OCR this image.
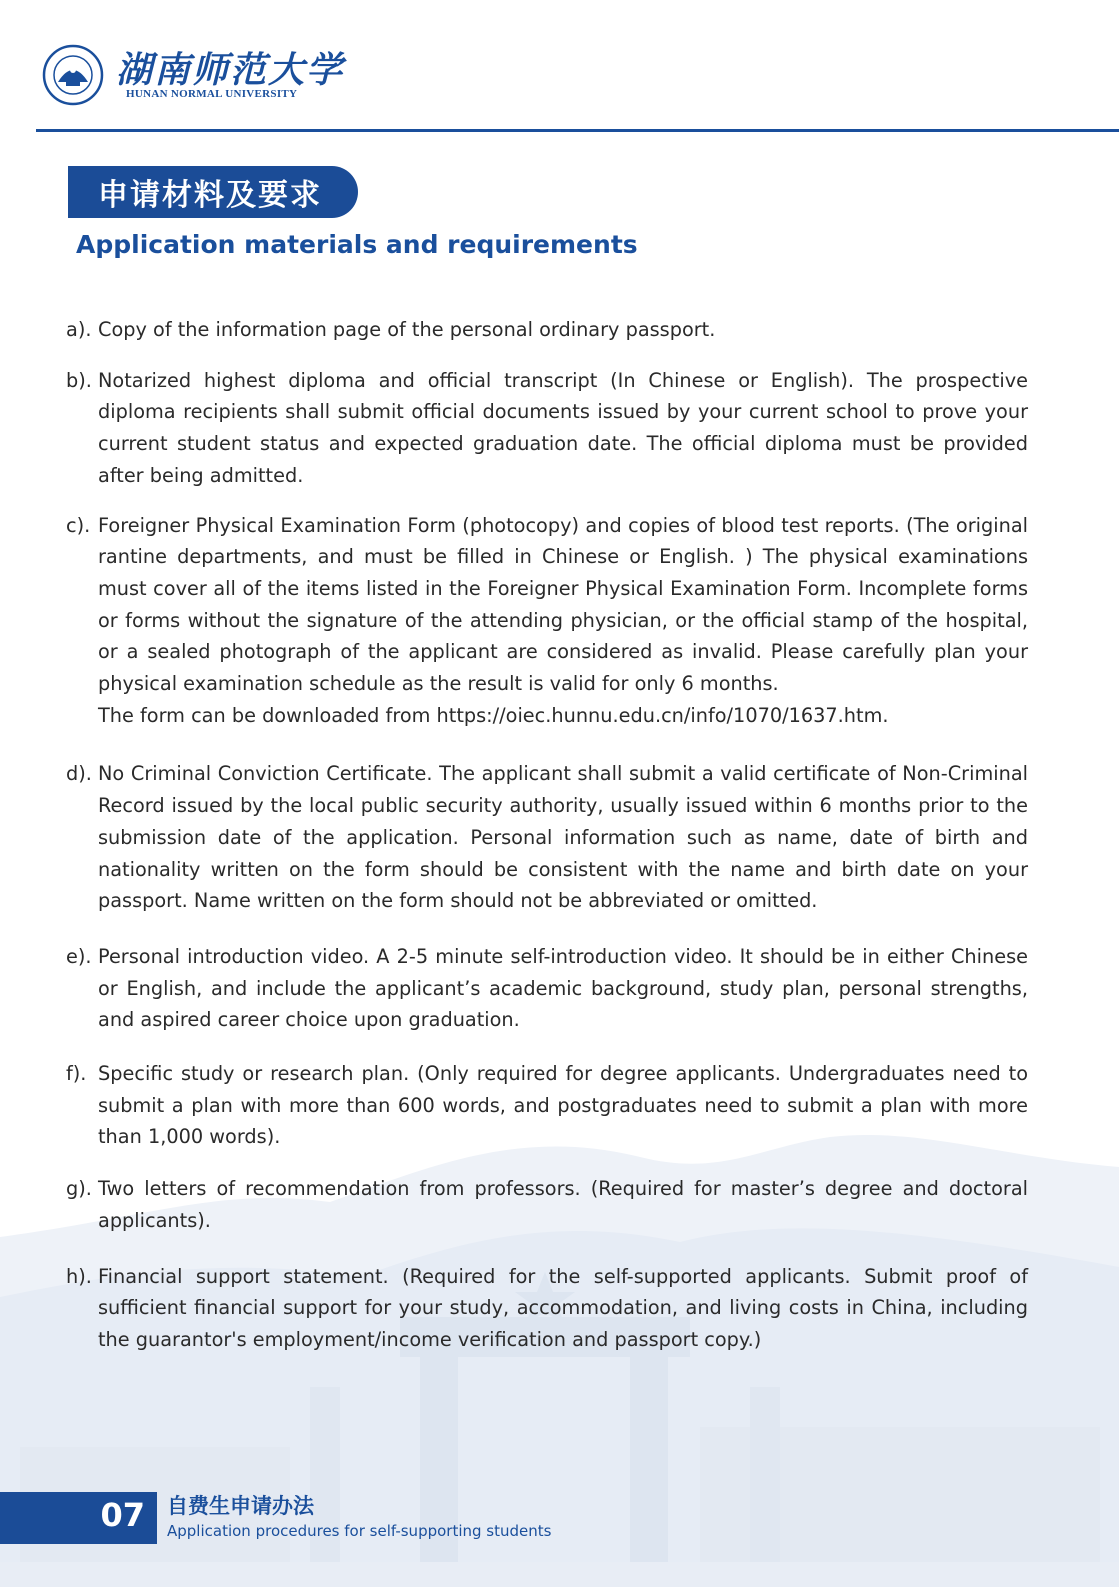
湖南师范大学
HUNAN NORMAL UNIVERSITY
申请材料及要求
Application materials and requirements
a). Copy of the information page of the personal ordinary passport.

b). Notarized highest diploma and official transcript (In Chinese or English). The prospective diploma recipients shall submit official documents issued by your current school to prove your current student status and expected graduation date. The official diploma must be provided after being admitted.

c). Foreigner Physical Examination Form (photocopy) and copies of blood test reports. (The original rantine departments, and must be filled in Chinese or English. ) The physical examinations must cover all of the items listed in the Foreigner Physical Examination Form. Incomplete forms or forms without the signature of the attending physician, or the official stamp of the hospital, or a sealed photograph of the applicant are considered as invalid. Please carefully plan your physical examination schedule as the result is valid for only 6 months.

The form can be downloaded from https://oiec.hunnu.edu.cn/info/1070/1637.htm.

d). No Criminal Conviction Certificate. The applicant shall submit a valid certificate of Non-Criminal Record issued by the local public security authority, usually issued within 6 months prior to the submission date of the application. Personal information such as name, date of birth and nationality written on the form should be consistent with the name and birth date on your passport. Name written on the form should not be abbreviated or omitted.

e). Personal introduction video. A 2-5 minute self-introduction video. It should be in either Chinese or English, and include the applicant’s academic background, study plan, personal strengths, and aspired career choice upon graduation.

f). Specific study or research plan. (Only required for degree applicants. Undergraduates need to submit a plan with more than 600 words, and postgraduates need to submit a plan with more than 1,000 words).

g). Two letters of recommendation from professors. (Required for master’s degree and doctoral applicants).

h). Financial support statement. (Required for the self-supported applicants. Submit proof of sufficient financial support for your study, accommodation, and living costs in China, including the guarantor's employment/income verification and passport copy.)

07 自费生申请办法
Application procedures for self-supporting students
